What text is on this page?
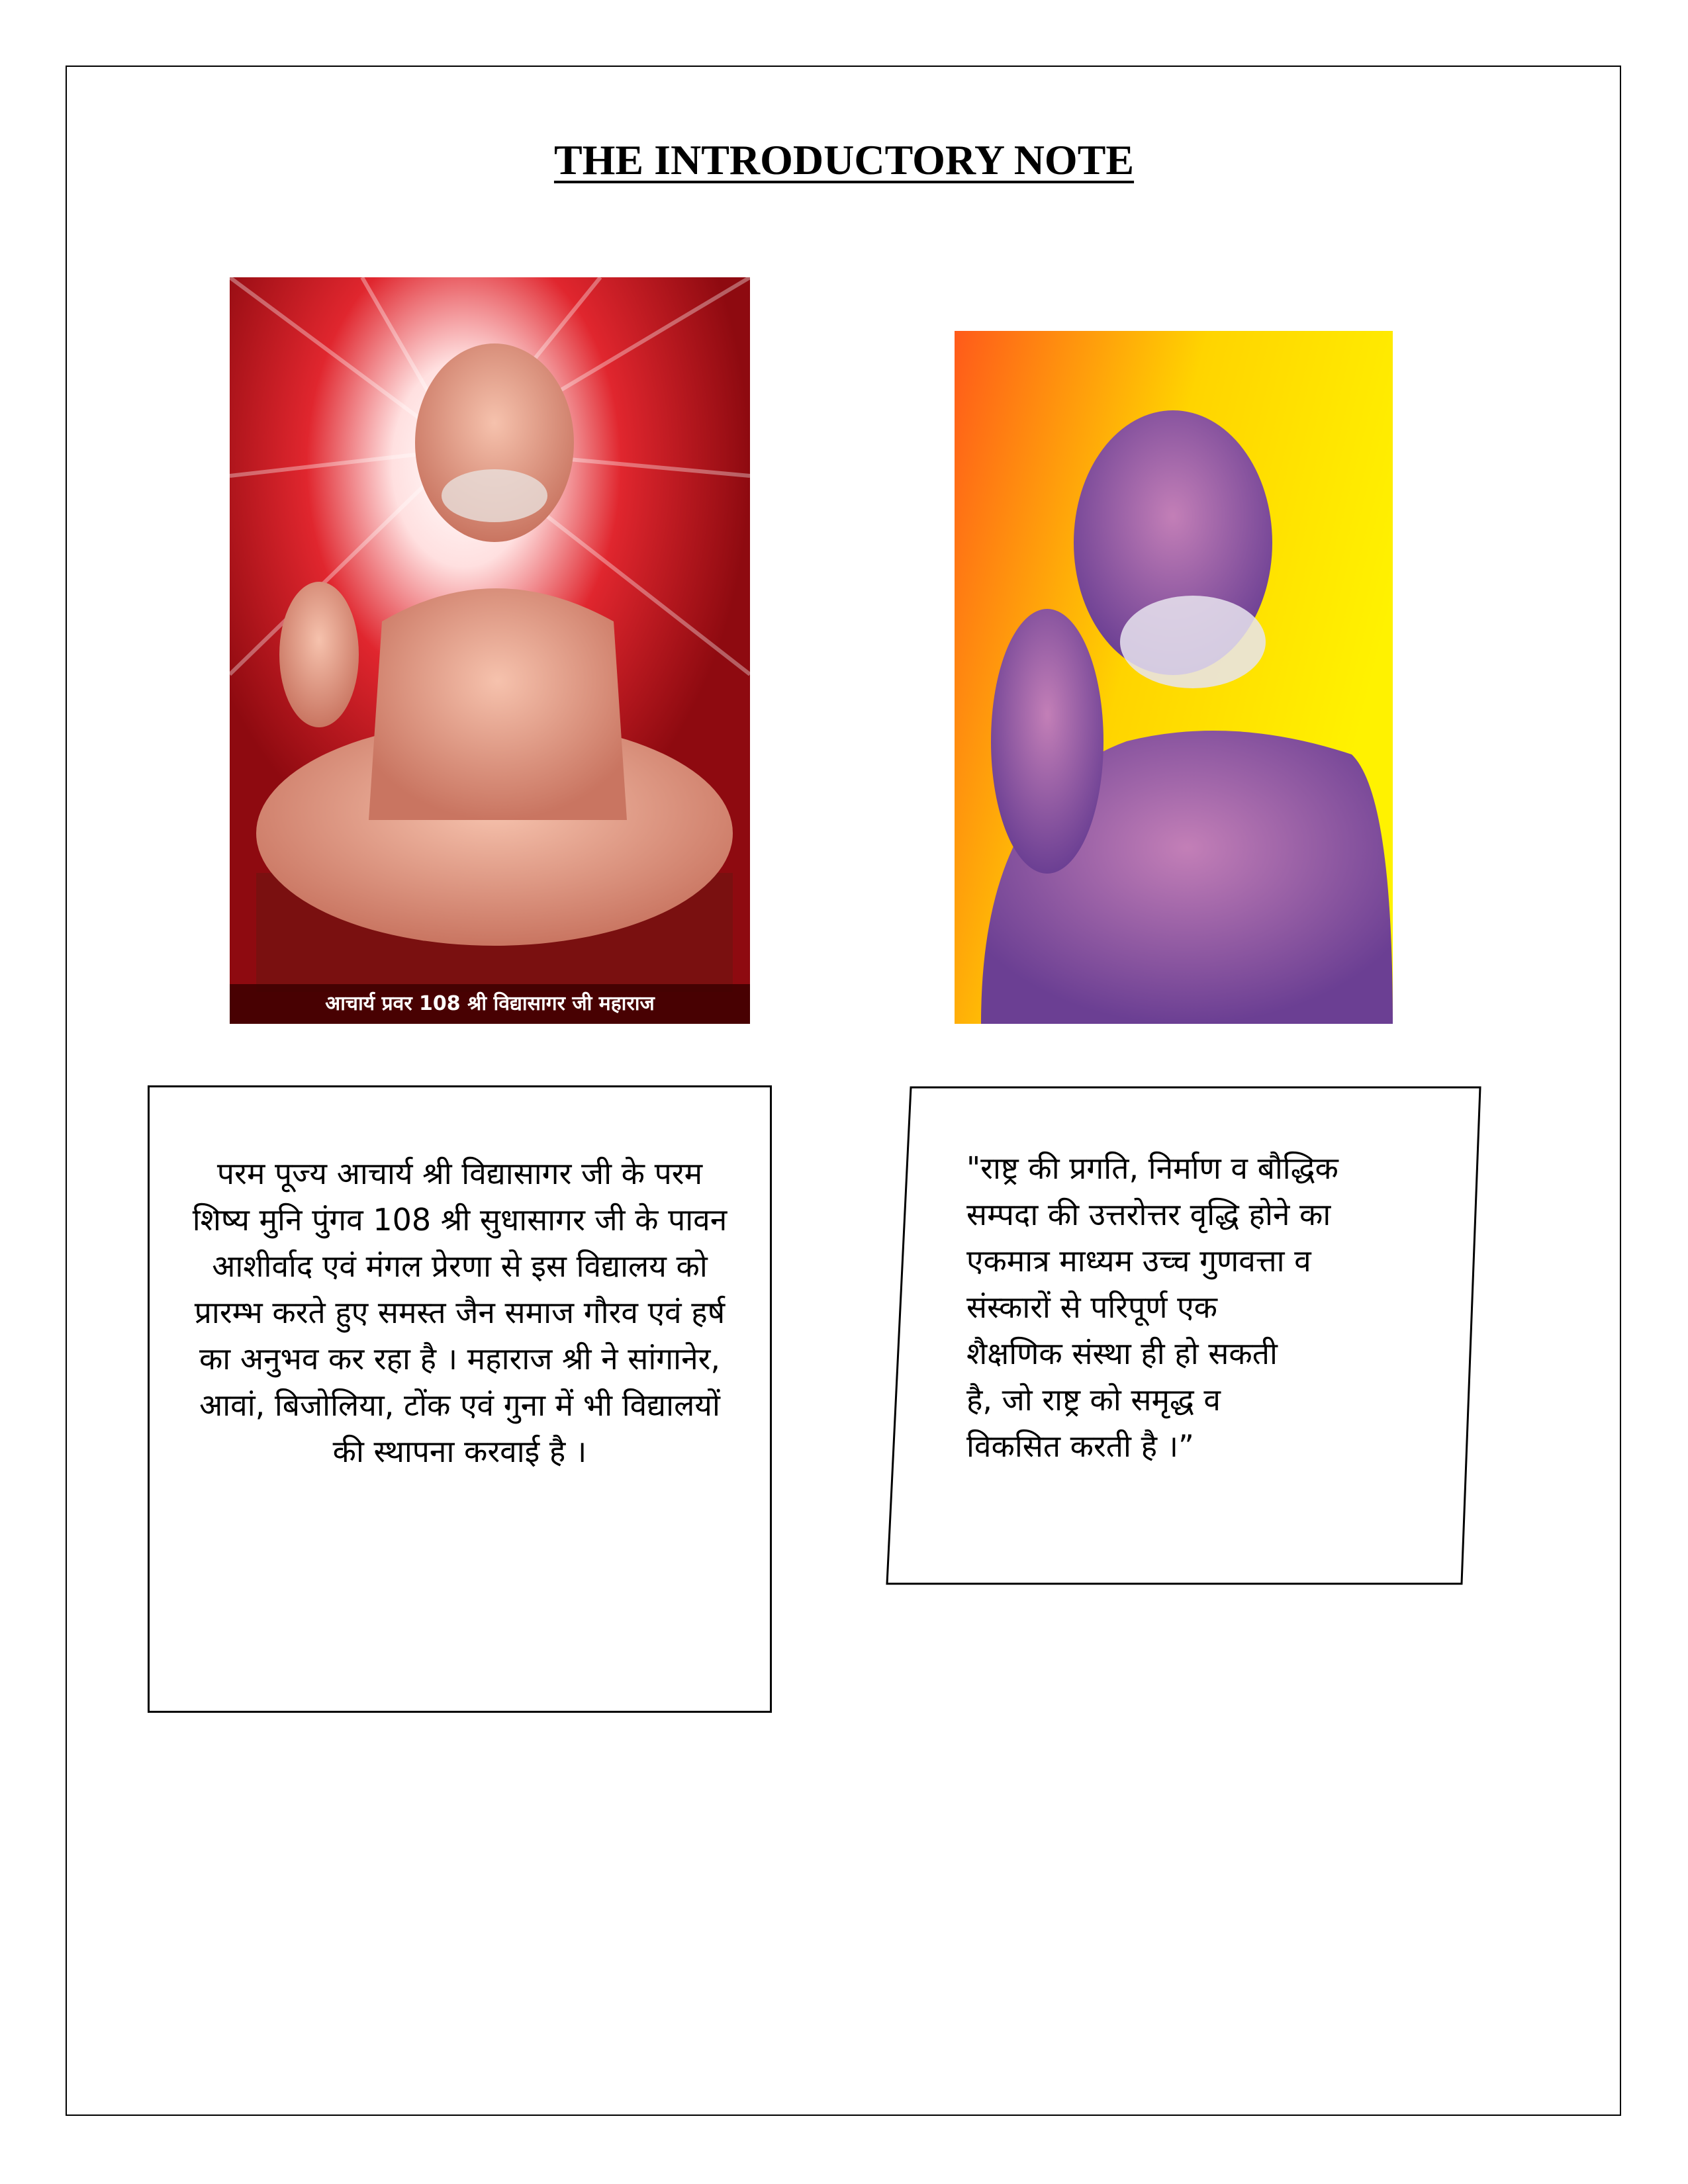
THE INTRODUCTORY NOTE
आचार्य प्रवर 108 श्री विद्यासागर जी महाराज
परम पूज्य आचार्य श्री विद्यासागर जी के परम शिष्य मुनि पुंगव 108 श्री सुधासागर जी के पावन आशीर्वाद एवं मंगल प्रेरणा से इस विद्यालय को प्रारम्भ करते हुए समस्त जैन समाज गौरव एवं हर्ष का अनुभव कर रहा है । महाराज श्री ने सांगानेर, आवां, बिजोलिया, टोंक एवं गुना में भी विद्यालयों की स्थापना करवाई है ।
"राष्ट्र की प्रगति, निर्माण व बौद्धिक
सम्पदा की उत्तरोत्तर वृद्धि होने का
एकमात्र माध्यम उच्च गुणवत्ता व
संस्कारों से परिपूर्ण एक
शैक्षणिक संस्था ही हो सकती
है, जो राष्ट्र को समृद्ध व
विकसित करती है ।”
